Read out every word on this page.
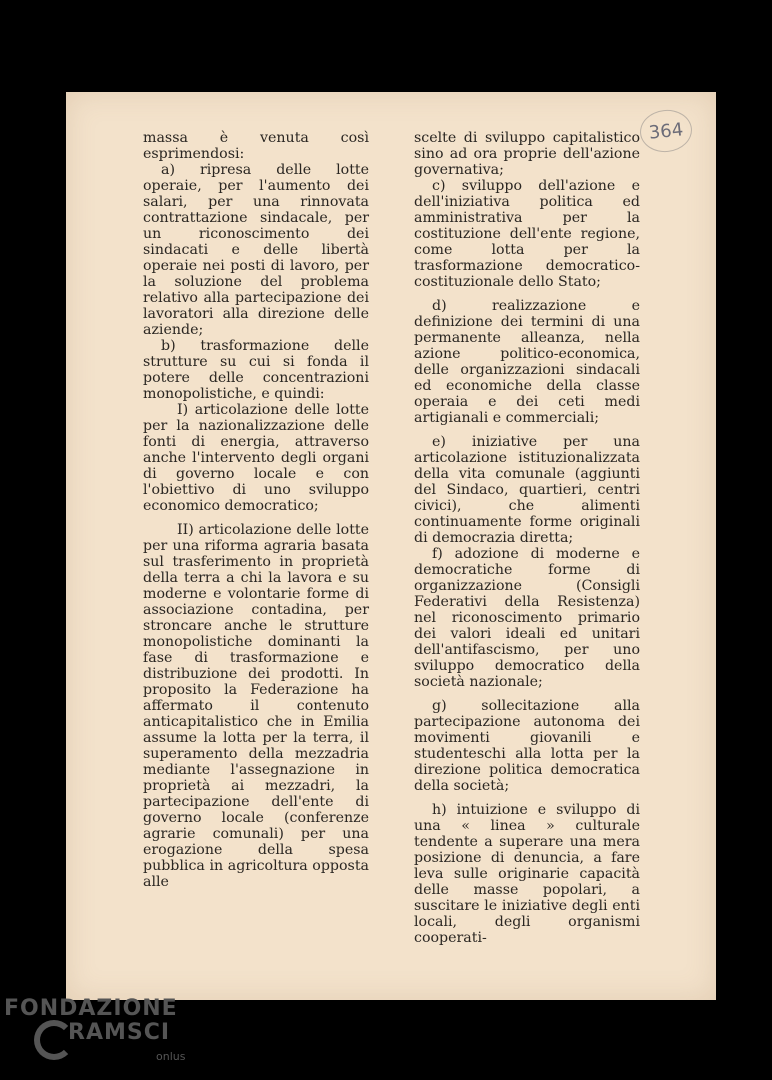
364

massa è venuta così esprimendosi:

a) ripresa delle lotte operaie, per l'aumento dei salari, per una rinnovata contrattazione sindacale, per un riconoscimento dei sindacati e delle libertà operaie nei posti di lavoro, per la soluzione del problema relativo alla partecipazione dei lavoratori alla direzione delle aziende;

b) trasformazione delle strutture su cui si fonda il potere delle concentrazioni monopolistiche, e quindi:

I) articolazione delle lotte per la nazionalizzazione delle fonti di energia, attraverso anche l'intervento degli organi di governo locale e con l'obiettivo di uno sviluppo economico democratico;

II) articolazione delle lotte per una riforma agraria basata sul trasferimento in proprietà della terra a chi la lavora e su moderne e volontarie forme di associazione contadina, per stroncare anche le strutture monopolistiche dominanti la fase di trasformazione e distribuzione dei prodotti. In proposito la Federazione ha affermato il contenuto anticapitalistico che in Emilia assume la lotta per la terra, il superamento della mezzadria mediante l'assegnazione in proprietà ai mezzadri, la partecipazione dell'ente di governo locale (conferenze agrarie comunali) per una erogazione della spesa pubblica in agricoltura opposta alle

scelte di sviluppo capitalistico sino ad ora proprie dell'azione governativa;

c) sviluppo dell'azione e dell'iniziativa politica ed amministrativa per la costituzione dell'ente regione, come lotta per la trasformazione democratico-costituzionale dello Stato;

d) realizzazione e definizione dei termini di una permanente alleanza, nella azione politico-economica, delle organizzazioni sindacali ed economiche della classe operaia e dei ceti medi artigianali e commerciali;

e) iniziative per una articolazione istituzionalizzata della vita comunale (aggiunti del Sindaco, quartieri, centri civici), che alimenti continuamente forme originali di democrazia diretta;

f) adozione di moderne e democratiche forme di organizzazione (Consigli Federativi della Resistenza) nel riconoscimento primario dei valori ideali ed unitari dell'antifascismo, per uno sviluppo democratico della società nazionale;

g) sollecitazione alla partecipazione autonoma dei movimenti giovanili e studenteschi alla lotta per la direzione politica democratica della società;

h) intuizione e sviluppo di una « linea » culturale tendente a superare una mera posizione di denuncia, a fare leva sulle originarie capacità delle masse popolari, a suscitare le iniziative degli enti locali, degli organismi cooperati-

FONDAZIONE
RAMSCI
onlus
